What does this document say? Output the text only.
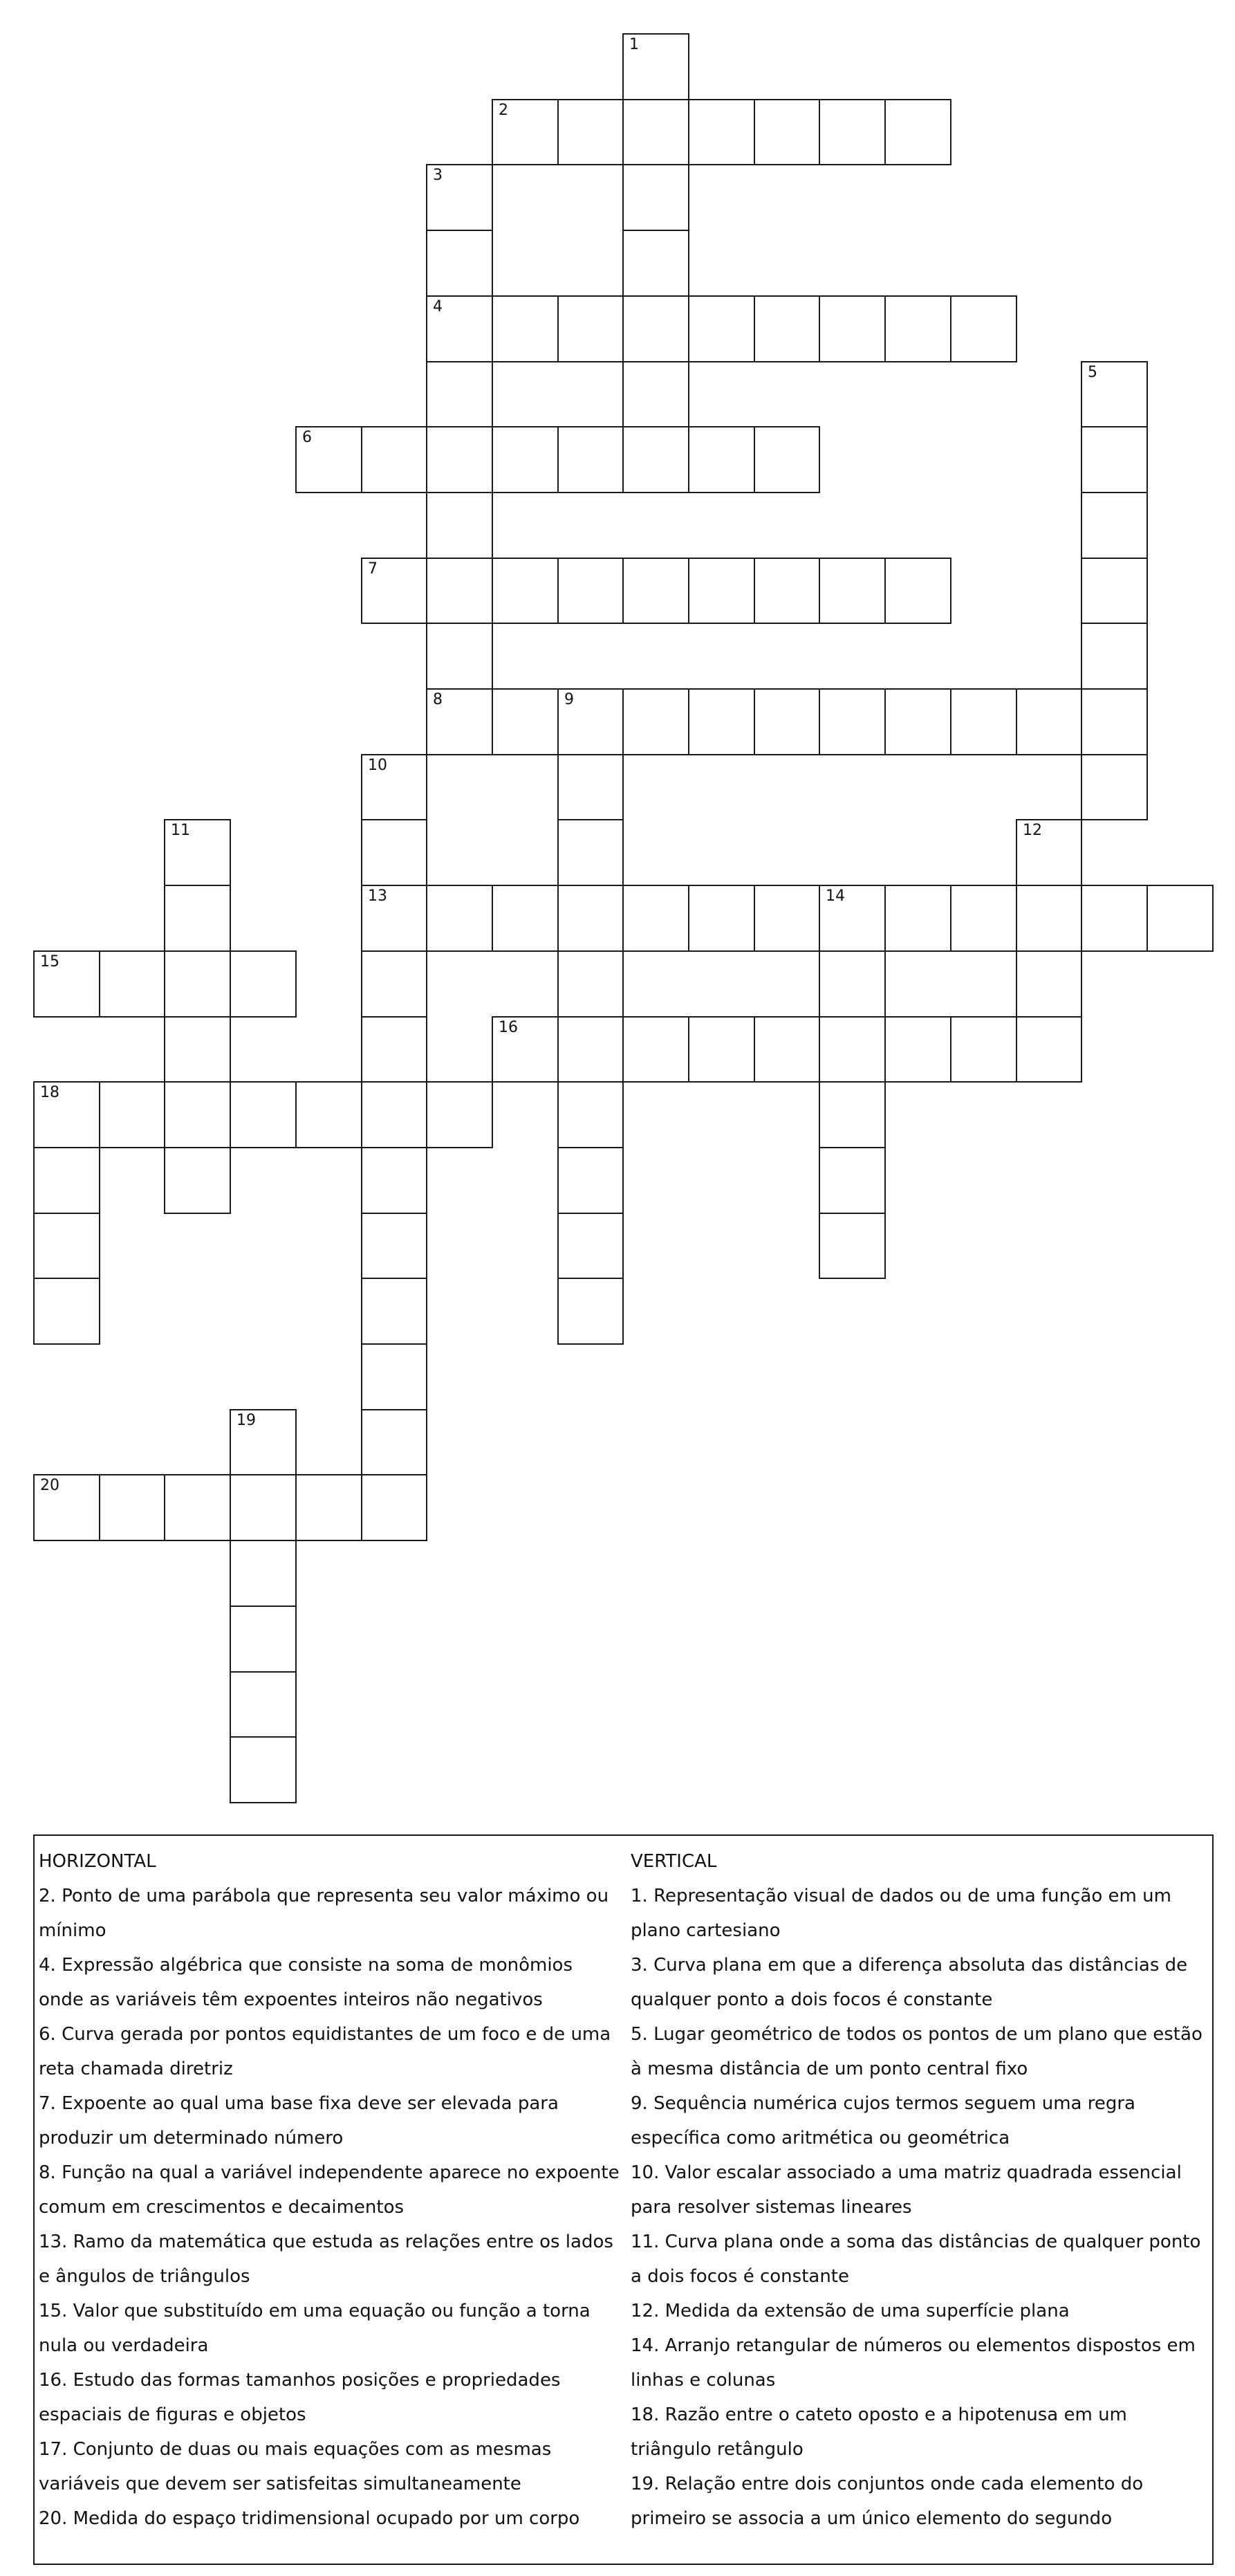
2
4
6
7
8	9
13	14
15
16
18
20
1
3
5
10
11	12
19
HORIZONTAL
2. Ponto de uma parábola que representa seu valor máximo ou mínimo
4. Expressão algébrica que consiste na soma de monômios onde as variáveis têm expoentes inteiros não negativos
6. Curva gerada por pontos equidistantes de um foco e de uma reta chamada diretriz
7. Expoente ao qual uma base fixa deve ser elevada para produzir um determinado número
8. Função na qual a variável independente aparece no expoente comum em crescimentos e decaimentos
13. Ramo da matemática que estuda as relações entre os lados e ângulos de triângulos
15. Valor que substituído em uma equação ou função a torna nula ou verdadeira
16. Estudo das formas tamanhos posições e propriedades espaciais de figuras e objetos
17. Conjunto de duas ou mais equações com as mesmas variáveis que devem ser satisfeitas simultaneamente
20. Medida do espaço tridimensional ocupado por um corpo
VERTICAL
1. Representação visual de dados ou de uma função em um plano cartesiano
3. Curva plana em que a diferença absoluta das distâncias de qualquer ponto a dois focos é constante
5. Lugar geométrico de todos os pontos de um plano que estão à mesma distância de um ponto central fixo
9. Sequência numérica cujos termos seguem uma regra específica como aritmética ou geométrica
10. Valor escalar associado a uma matriz quadrada essencial para resolver sistemas lineares
11. Curva plana onde a soma das distâncias de qualquer ponto a dois focos é constante
12. Medida da extensão de uma superfície plana
14. Arranjo retangular de números ou elementos dispostos em linhas e colunas
18. Razão entre o cateto oposto e a hipotenusa em um triângulo retângulo
19. Relação entre dois conjuntos onde cada elemento do primeiro se associa a um único elemento do segundo
